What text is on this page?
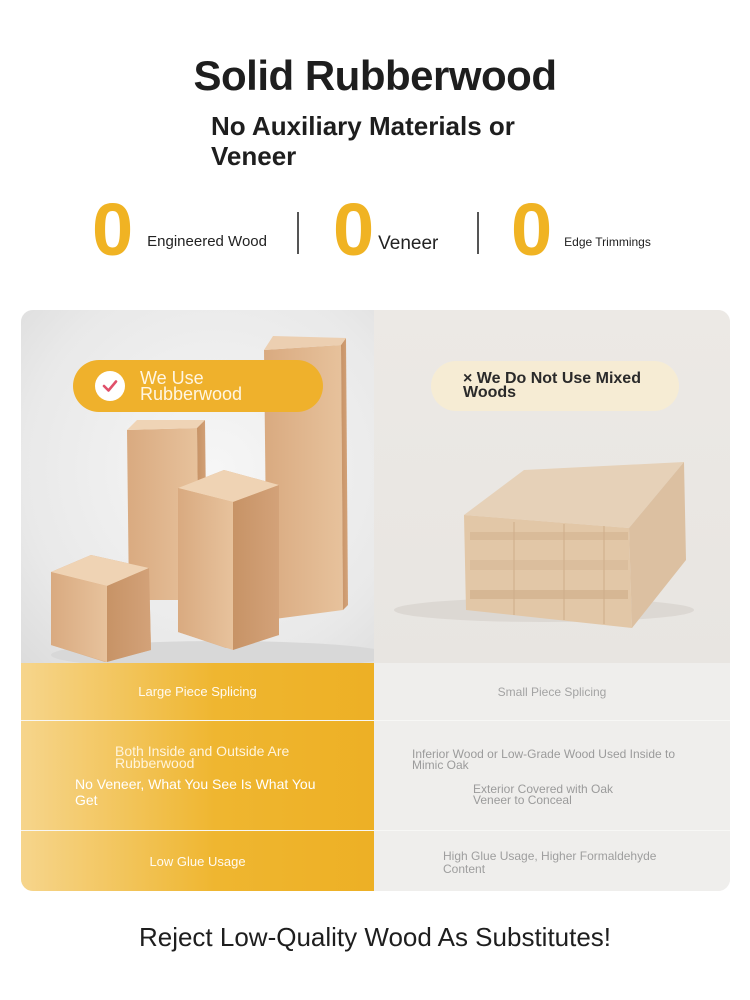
Solid Rubberwood
No Auxiliary Materials or Veneer
0 Engineered Wood 0 Veneer 0 Edge Trimmings
We Use Rubberwood
× We Do Not Use Mixed Woods
Large Piece Splicing	Small Piece Splicing
Both Inside and Outside Are Rubberwood
No Veneer, What You See Is What You Get
Inferior Wood or Low-Grade Wood Used Inside to Mimic Oak
Exterior Covered with Oak Veneer to Conceal
Low Glue Usage	High Glue Usage, Higher Formaldehyde Content
Reject Low-Quality Wood As Substitutes!
